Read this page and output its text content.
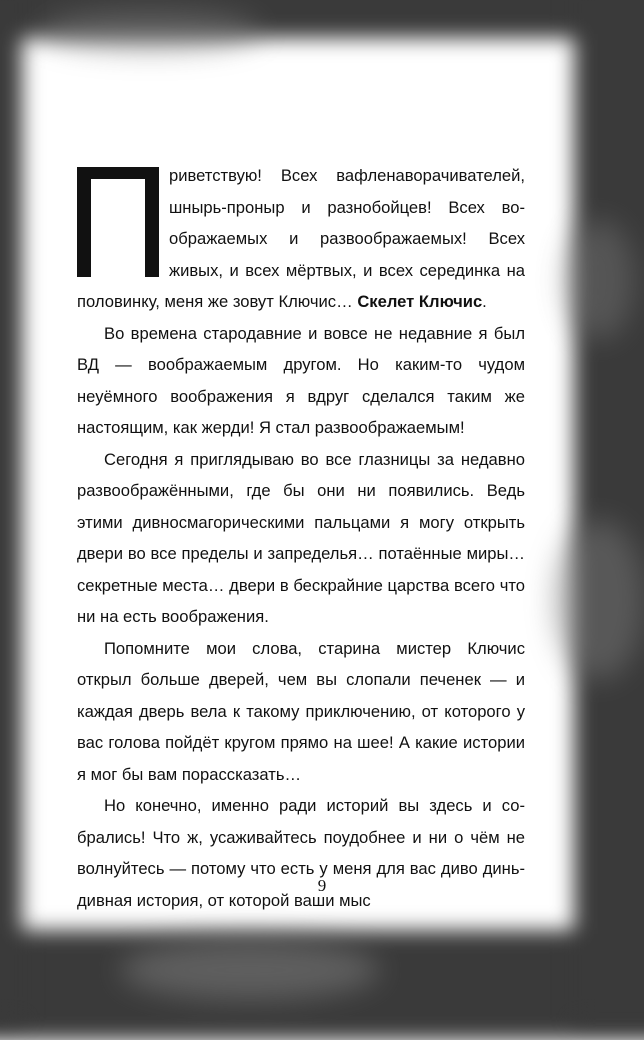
риветствую! Всех вафленаворачивателей, шнырь-проныр и разнобойцев! Всех воображаемых и развоображаемых! Всех живых, и всех мёртвых, и всех серединка на половинку, меня же зовут Ключис… Скелет Ключис.

Во времена стародавние и вовсе не недавние я был ВД — воображаемым другом. Но каким-то чудом неуёмного воображения я вдруг сделался таким же настоящим, как жерди! Я стал развоображаемым!

Сегодня я приглядываю во все глазницы за недавно развоображёнными, где бы они ни появились. Ведь этими дивносмагорическими пальцами я могу открыть двери во все пределы и запределья… потаённые миры… секретные места… двери в бескрайние царства всего что ни на есть воображения.

Попомните мои слова, старина мистер Ключис открыл больше дверей, чем вы слопали печенек — и каждая дверь вела к такому приключению, от которого у вас голова пойдёт кругом прямо на шее! А какие истории я мог бы вам порассказать…

Но конечно, именно ради историй вы здесь и собрались! Что ж, усаживайтесь поудобнее и ни о чём не волнуйтесь — потому что есть у меня для вас диво динь-дивная история, от которой ваши мыс

9
